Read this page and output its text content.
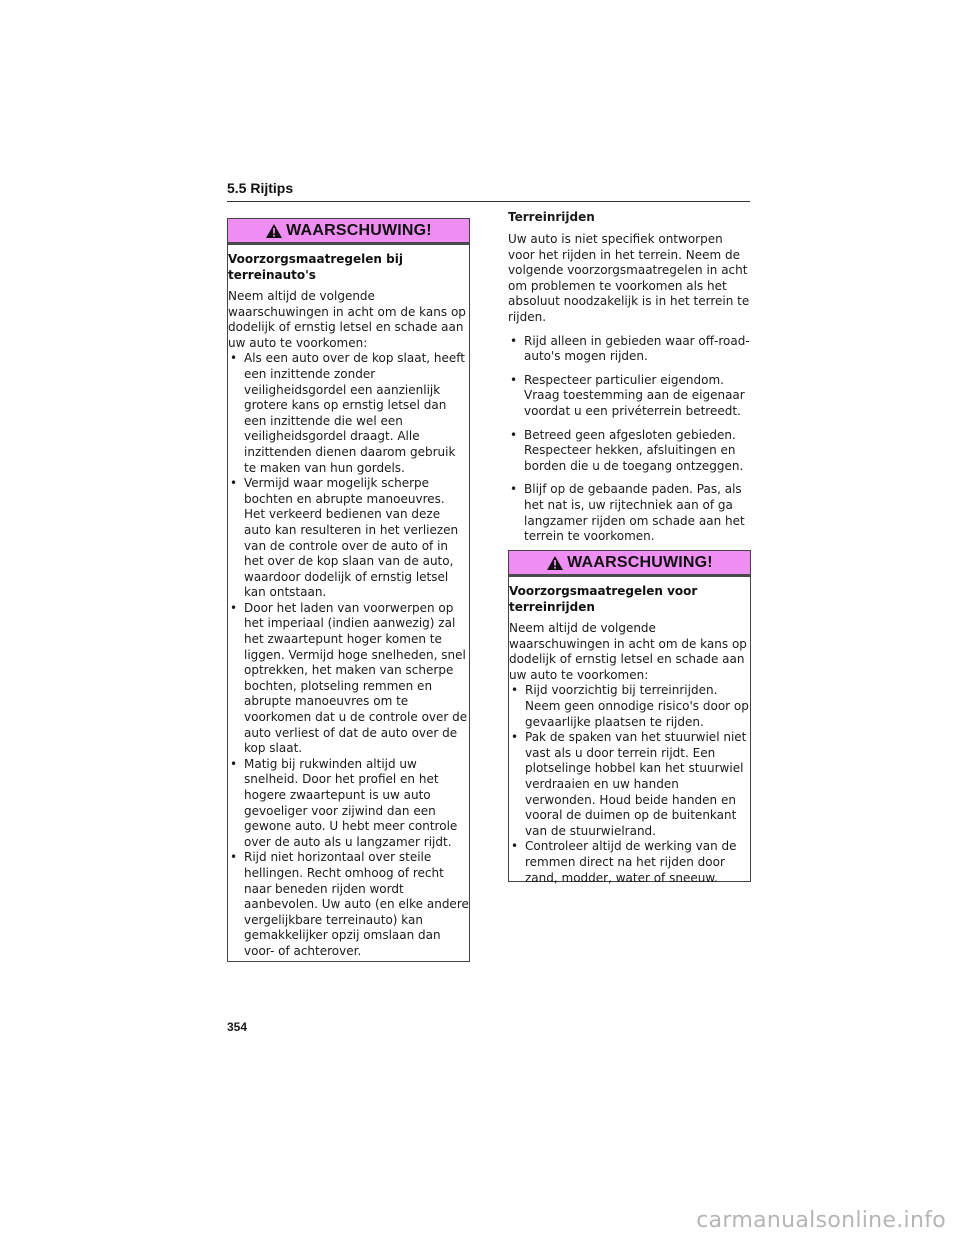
5.5 Rijtips
WAARSCHUWING!

Voorzorgsmaatregelen bij terreinauto's

Neem altijd de volgende waarschuwingen in acht om de kans op dodelijk of ernstig letsel en schade aan uw auto te voorkomen:

• Als een auto over de kop slaat, heeft een inzittende zonder veiligheidsgordel een aanzienlijk grotere kans op ernstig letsel dan een inzittende die wel een veiligheidsgordel draagt. Alle inzittenden dienen daarom gebruik te maken van hun gordels.
• Vermijd waar mogelijk scherpe bochten en abrupte manoeuvres. Het verkeerd bedienen van deze auto kan resulteren in het verliezen van de controle over de auto of in het over de kop slaan van de auto, waardoor dodelijk of ernstig letsel kan ontstaan.
• Door het laden van voorwerpen op het imperiaal (indien aanwezig) zal het zwaartepunt hoger komen te liggen. Vermijd hoge snelheden, snel optrekken, het maken van scherpe bochten, plotseling remmen en abrupte manoeuvres om te voorkomen dat u de controle over de auto verliest of dat de auto over de kop slaat.
• Matig bij rukwinden altijd uw snelheid. Door het profiel en het hogere zwaartepunt is uw auto gevoeliger voor zijwind dan een gewone auto. U hebt meer controle over de auto als u langzamer rijdt.
• Rijd niet horizontaal over steile hellingen. Recht omhoog of recht naar beneden rijden wordt aanbevolen. Uw auto (en elke andere vergelijkbare terreinauto) kan gemakkelijker opzij omslaan dan voor- of achterover.

Terreinrijden

Uw auto is niet specifiek ontworpen voor het rijden in het terrein. Neem de volgende voorzorgsmaatregelen in acht om problemen te voorkomen als het absoluut noodzakelijk is in het terrein te rijden.

• Rijd alleen in gebieden waar off-road-auto's mogen rijden.
• Respecteer particulier eigendom. Vraag toestemming aan de eigenaar voordat u een privéterrein betreedt.
• Betreed geen afgesloten gebieden. Respecteer hekken, afsluitingen en borden die u de toegang ontzeggen.
• Blijf op de gebaande paden. Pas, als het nat is, uw rijtechniek aan of ga langzamer rijden om schade aan het terrein te voorkomen.
WAARSCHUWING!

Voorzorgsmaatregelen voor terreinrijden

Neem altijd de volgende waarschuwingen in acht om de kans op dodelijk of ernstig letsel en schade aan uw auto te voorkomen:

• Rijd voorzichtig bij terreinrijden. Neem geen onnodige risico's door op gevaarlijke plaatsen te rijden.
• Pak de spaken van het stuurwiel niet vast als u door terrein rijdt. Een plotselinge hobbel kan het stuurwiel verdraaien en uw handen verwonden. Houd beide handen en vooral de duimen op de buitenkant van de stuurwielrand.
• Controleer altijd de werking van de remmen direct na het rijden door zand, modder, water of sneeuw.
354
carmanualsonline.info
